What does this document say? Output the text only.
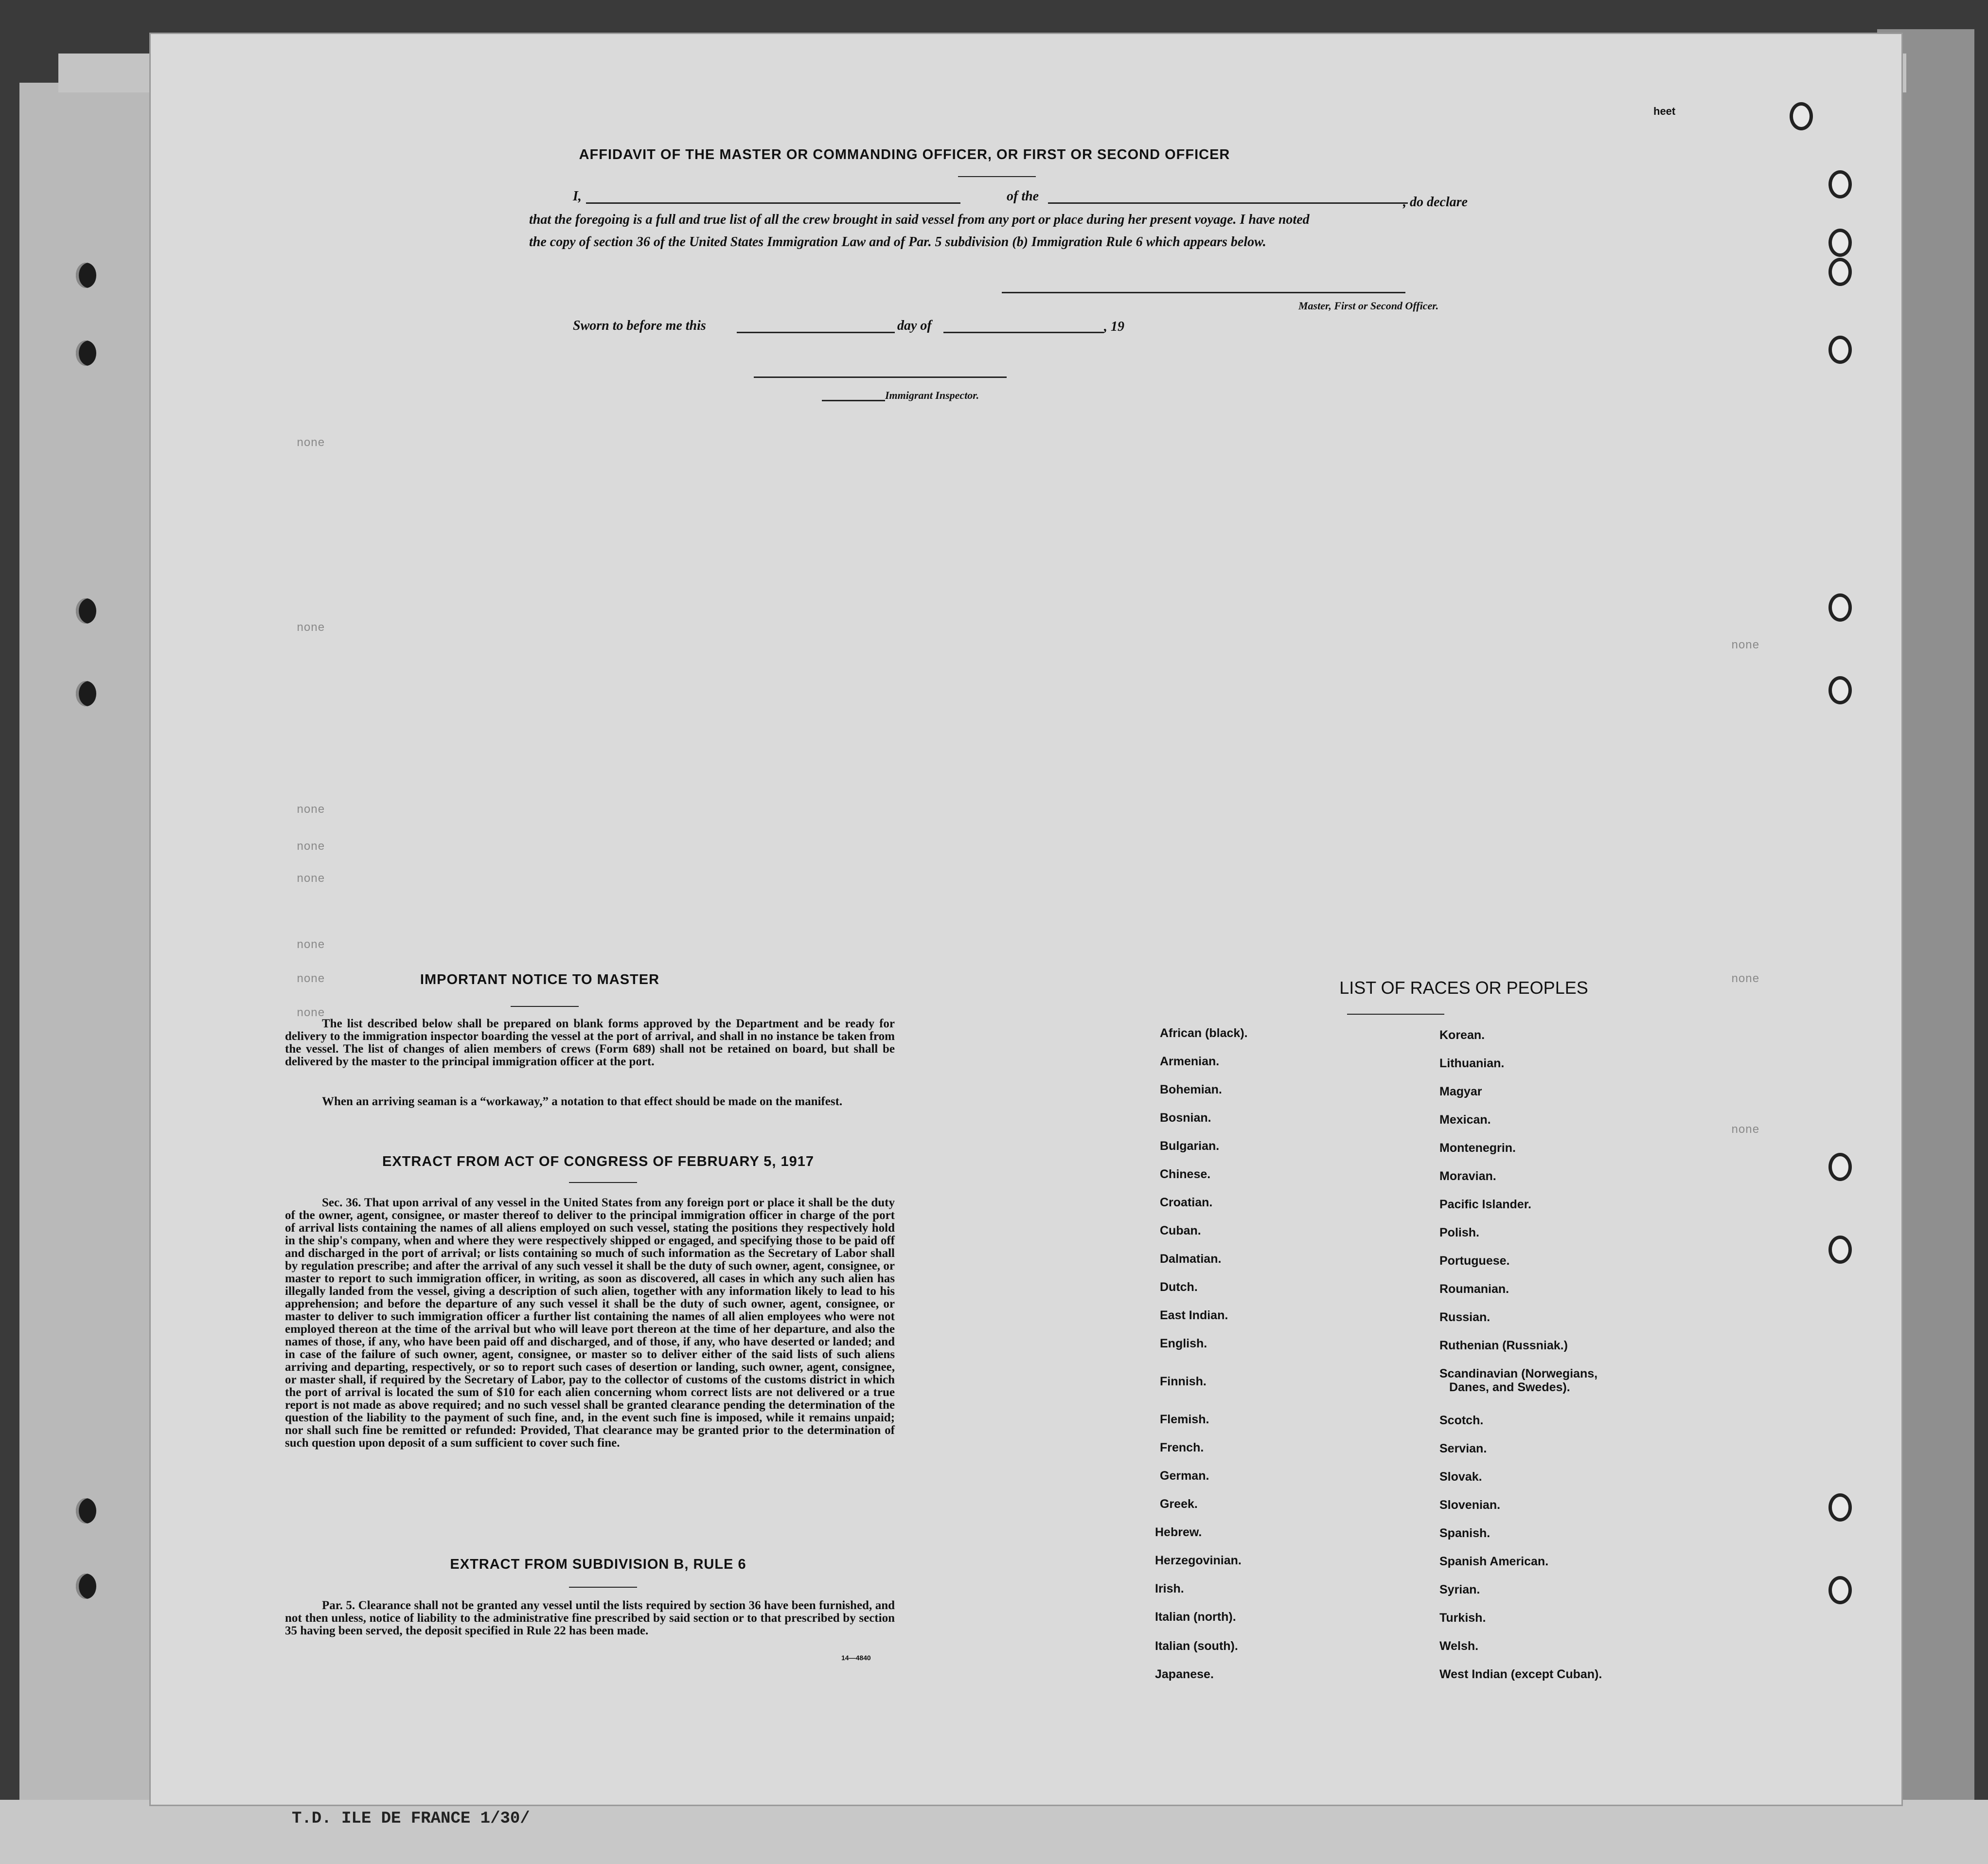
T.D. ILE DE FRANCE 1/30/
heet
AFFIDAVIT OF THE MASTER OR COMMANDING OFFICER, OR FIRST OR SECOND OFFICER
I,	of the	, do declare
that the foregoing is a full and true list of all the crew brought in said vessel from any port or place during her present voyage. I have noted
the copy of section 36 of the United States Immigration Law and of Par. 5 subdivision (b) Immigration Rule 6 which appears below.
Master, First or Second Officer.
Sworn to before me this	day of	, 19
Immigrant Inspector.
none
none
none
none
none
none
none
none
none
none
none
IMPORTANT NOTICE TO MASTER
The list described below shall be prepared on blank forms approved by the Department and be ready for delivery to the immigration inspector boarding the vessel at the port of arrival, and shall in no instance be taken from the vessel. The list of changes of alien members of crews (Form 689) shall not be retained on board, but shall be delivered by the master to the principal immigration officer at the port.
When an arriving seaman is a “workaway,” a notation to that effect should be made on the manifest.
EXTRACT FROM ACT OF CONGRESS OF FEBRUARY 5, 1917
Sec. 36. That upon arrival of any vessel in the United States from any foreign port or place it shall be the duty of the owner, agent, consignee, or master thereof to deliver to the principal immigration officer in charge of the port of arrival lists containing the names of all aliens employed on such vessel, stating the positions they respectively hold in the ship's company, when and where they were respectively shipped or engaged, and specifying those to be paid off and discharged in the port of arrival; or lists containing so much of such information as the Secretary of Labor shall by regulation prescribe; and after the arrival of any such vessel it shall be the duty of such owner, agent, consignee, or master to report to such immigration officer, in writing, as soon as discovered, all cases in which any such alien has illegally landed from the vessel, giving a description of such alien, together with any information likely to lead to his apprehension; and before the departure of any such vessel it shall be the duty of such owner, agent, consignee, or master to deliver to such immigration officer a further list containing the names of all alien employees who were not employed thereon at the time of the arrival but who will leave port thereon at the time of her departure, and also the names of those, if any, who have been paid off and discharged, and of those, if any, who have deserted or landed; and in case of the failure of such owner, agent, consignee, or master so to deliver either of the said lists of such aliens arriving and departing, respectively, or so to report such cases of desertion or landing, such owner, agent, consignee, or master shall, if required by the Secretary of Labor, pay to the collector of customs of the customs district in which the port of arrival is located the sum of $10 for each alien concerning whom correct lists are not delivered or a true report is not made as above required; and no such vessel shall be granted clearance pending the determination of the question of the liability to the payment of such fine, and, in the event such fine is imposed, while it remains unpaid; nor shall such fine be remitted or refunded: Provided, That clearance may be granted prior to the determination of such question upon deposit of a sum sufficient to cover such fine.
EXTRACT FROM SUBDIVISION B, RULE 6
Par. 5. Clearance shall not be granted any vessel until the lists required by section 36 have been furnished, and not then unless, notice of liability to the administrative fine prescribed by said section or to that prescribed by section 35 having been served, the deposit specified in Rule 22 has been made.
14—4840
LIST OF RACES OR PEOPLES
African (black).
Armenian.
Bohemian.
Bosnian.
Bulgarian.
Chinese.
Croatian.
Cuban.
Dalmatian.
Dutch.
East Indian.
English.
Finnish.
Flemish.
French.
German.
Greek.
Hebrew.
Herzegovinian.
Irish.
Italian (north).
Italian (south).
Japanese.
Korean.
Lithuanian.
Magyar
Mexican.
Montenegrin.
Moravian.
Pacific Islander.
Polish.
Portuguese.
Roumanian.
Russian.
Ruthenian (Russniak.)
Scandinavian (Norwegians,
Danes, and Swedes).
Scotch.
Servian.
Slovak.
Slovenian.
Spanish.
Spanish American.
Syrian.
Turkish.
Welsh.
West Indian (except Cuban).
